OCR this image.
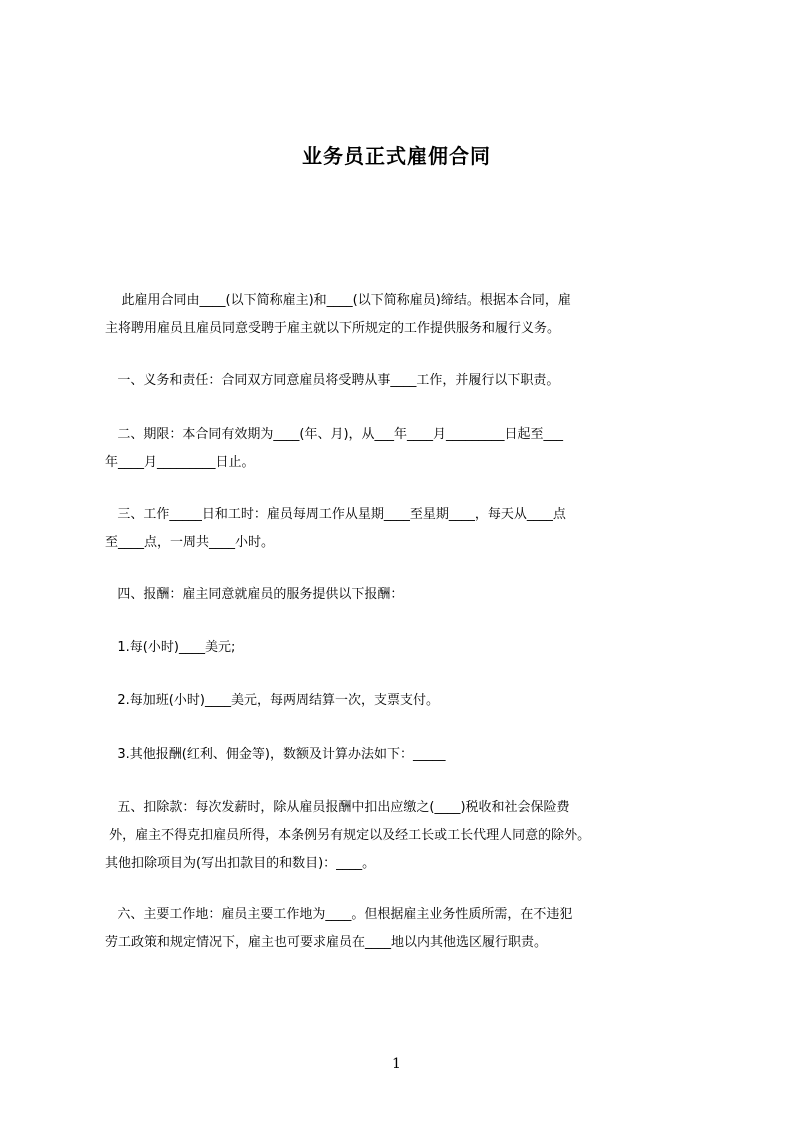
业务员正式雇佣合同

此雇用合同由____(以下简称雇主)和____(以下简称雇员)缔结。根据本合同，雇
主将聘用雇员且雇员同意受聘于雇主就以下所规定的工作提供服务和履行义务。

一、义务和责任：合同双方同意雇员将受聘从事____工作，并履行以下职责。

二、期限：本合同有效期为____(年、月)，从___年____月_________日起至___
年____月_________日止。

三、工作_____日和工时：雇员每周工作从星期____至星期____，每天从____点
至____点，一周共____小时。

四、报酬：雇主同意就雇员的服务提供以下报酬：

1.每(小时)____美元;

2.每加班(小时)____美元，每两周结算一次，支票支付。

3.其他报酬(红利、佣金等)，数额及计算办法如下：_____

五、扣除款：每次发薪时，除从雇员报酬中扣出应缴之(____)税收和社会保险费
外，雇主不得克扣雇员所得，本条例另有规定以及经工长或工长代理人同意的除外。
其他扣除项目为(写出扣款目的和数目)：____。

六、主要工作地：雇员主要工作地为____。但根据雇主业务性质所需，在不违犯
劳工政策和规定情况下，雇主也可要求雇员在____地以内其他选区履行职责。

1
